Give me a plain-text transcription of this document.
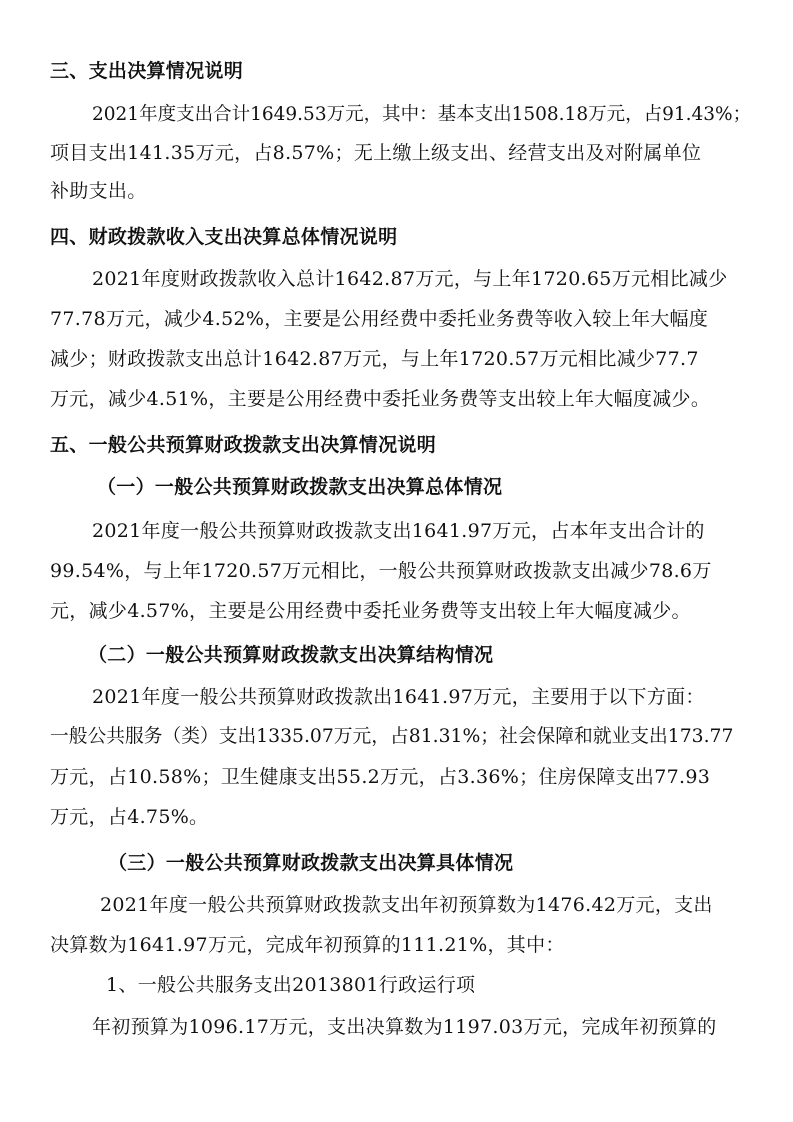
三、支出决算情况说明
2021年度支出合计1649.53万元，其中：基本支出1508.18万元，占91.43%；
项目支出141.35万元，占8.57%；无上缴上级支出、经营支出及对附属单位
补助支出。
四、财政拨款收入支出决算总体情况说明
2021年度财政拨款收入总计1642.87万元，与上年1720.65万元相比减少
77.78万元，减少4.52%，主要是公用经费中委托业务费等收入较上年大幅度
减少；财政拨款支出总计1642.87万元，与上年1720.57万元相比减少77.7
万元，减少4.51%，主要是公用经费中委托业务费等支出较上年大幅度减少。
五、一般公共预算财政拨款支出决算情况说明
（一）一般公共预算财政拨款支出决算总体情况
2021年度一般公共预算财政拨款支出1641.97万元，占本年支出合计的
99.54%，与上年1720.57万元相比，一般公共预算财政拨款支出减少78.6万
元，减少4.57%，主要是公用经费中委托业务费等支出较上年大幅度减少。
（二）一般公共预算财政拨款支出决算结构情况
2021年度一般公共预算财政拨款出1641.97万元，主要用于以下方面：
一般公共服务（类）支出1335.07万元，占81.31%；社会保障和就业支出173.77
万元，占10.58%；卫生健康支出55.2万元，占3.36%；住房保障支出77.93
万元，占4.75%。
（三）一般公共预算财政拨款支出决算具体情况
2021年度一般公共预算财政拨款支出年初预算数为1476.42万元，支出
决算数为1641.97万元，完成年初预算的111.21%，其中：
1、一般公共服务支出2013801行政运行项
年初预算为1096.17万元，支出决算数为1197.03万元，完成年初预算的
